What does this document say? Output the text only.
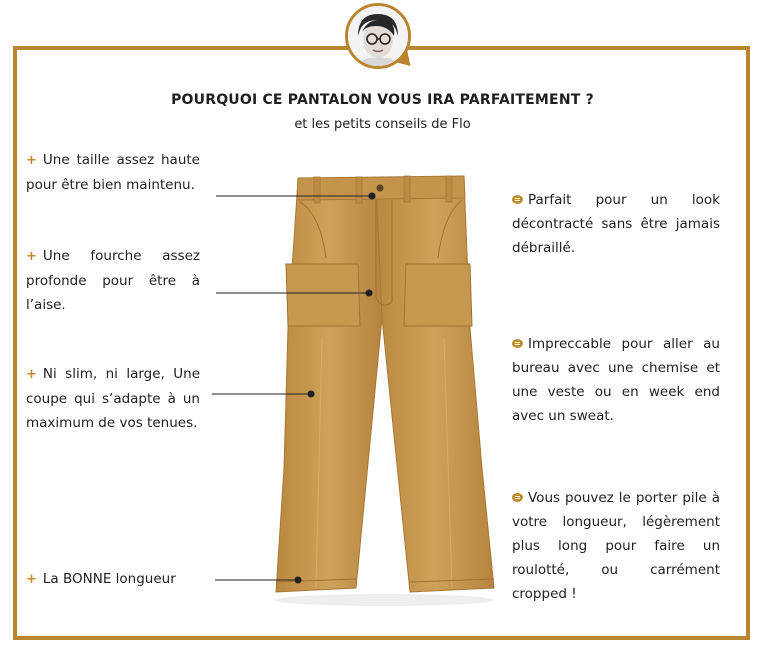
POURQUOI CE PANTALON VOUS IRA PARFAITEMENT ?
et les petits conseils de Flo
+ Une taille assez haute pour être bien maintenu.
+ Une fourche assez profonde pour être à l’aise.
+ Ni slim, ni large, Une coupe qui s’adapte à un maximum de vos tenues.
+ La BONNE longueur
Parfait pour un look décontracté sans être jamais débraillé.
Impreccable pour aller au bureau avec une chemise et une veste ou en week end avec un sweat.
Vous pouvez le porter pile à votre longueur, légèrement plus long pour faire un roulotté, ou carrément cropped !
